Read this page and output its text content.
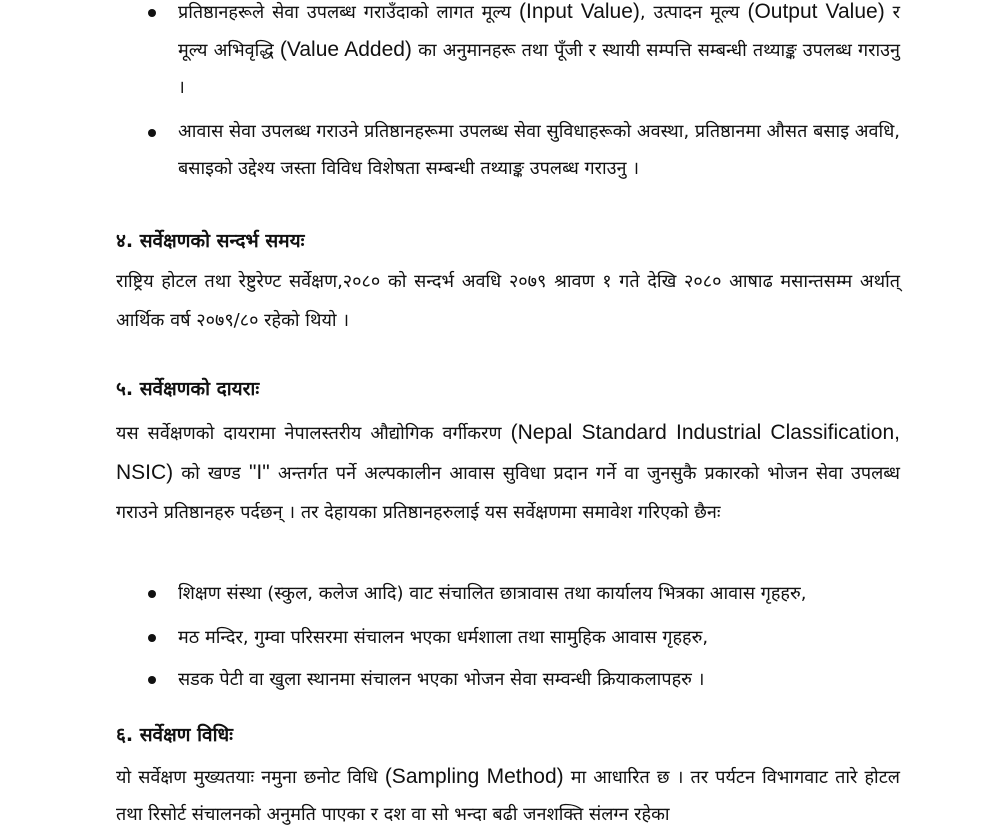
प्रतिष्ठानहरूले सेवा उपलब्ध गराउँदाको लागत मूल्य (Input Value), उत्पादन मूल्य (Output Value) र मूल्य अभिवृद्धि (Value Added) का अनुमानहरू तथा पूँजी र स्थायी सम्पत्ति सम्बन्धी तथ्याङ्क उपलब्ध गराउनु ।
आवास सेवा उपलब्ध गराउने प्रतिष्ठानहरूमा उपलब्ध सेवा सुविधाहरूको अवस्था, प्रतिष्ठानमा औसत बसाइ अवधि, बसाइको उद्देश्य जस्ता विविध विशेषता सम्बन्धी तथ्याङ्क उपलब्ध गराउनु ।
४. सर्वेक्षणको सन्दर्भ समयः
राष्ट्रिय होटल तथा रेष्टुरेण्ट सर्वेक्षण,२०८० को सन्दर्भ अवधि २०७९ श्रावण १ गते देखि २०८० आषाढ मसान्तसम्म अर्थात् आर्थिक वर्ष २०७९/८० रहेको थियो ।
५. सर्वेक्षणको दायराः
यस सर्वेक्षणको दायरामा नेपालस्तरीय औद्योगिक वर्गीकरण (Nepal Standard Industrial Classification, NSIC) को खण्ड "I" अन्तर्गत पर्ने अल्पकालीन आवास सुविधा प्रदान गर्ने वा जुनसुकै प्रकारको भोजन सेवा उपलब्ध गराउने प्रतिष्ठानहरु पर्दछन् । तर देहायका प्रतिष्ठानहरुलाई यस सर्वेक्षणमा समावेश गरिएको छैनः
शिक्षण संस्था (स्कुल, कलेज आदि) वाट संचालित छात्रावास तथा कार्यालय भित्रका आवास गृहहरु,
मठ मन्दिर, गुम्वा परिसरमा संचालन भएका धर्मशाला तथा सामुहिक आवास गृहहरु,
सडक पेटी वा खुला स्थानमा संचालन भएका भोजन सेवा सम्वन्धी क्रियाकलापहरु ।
६. सर्वेक्षण विधिः
यो सर्वेक्षण मुख्यतयाः नमुना छनोट विधि (Sampling Method) मा आधारित छ । तर पर्यटन विभागवाट तारे होटल तथा रिसोर्ट संचालनको अनुमति पाएका र दश वा सो भन्दा बढी जनशक्ति संलग्न रहेका
